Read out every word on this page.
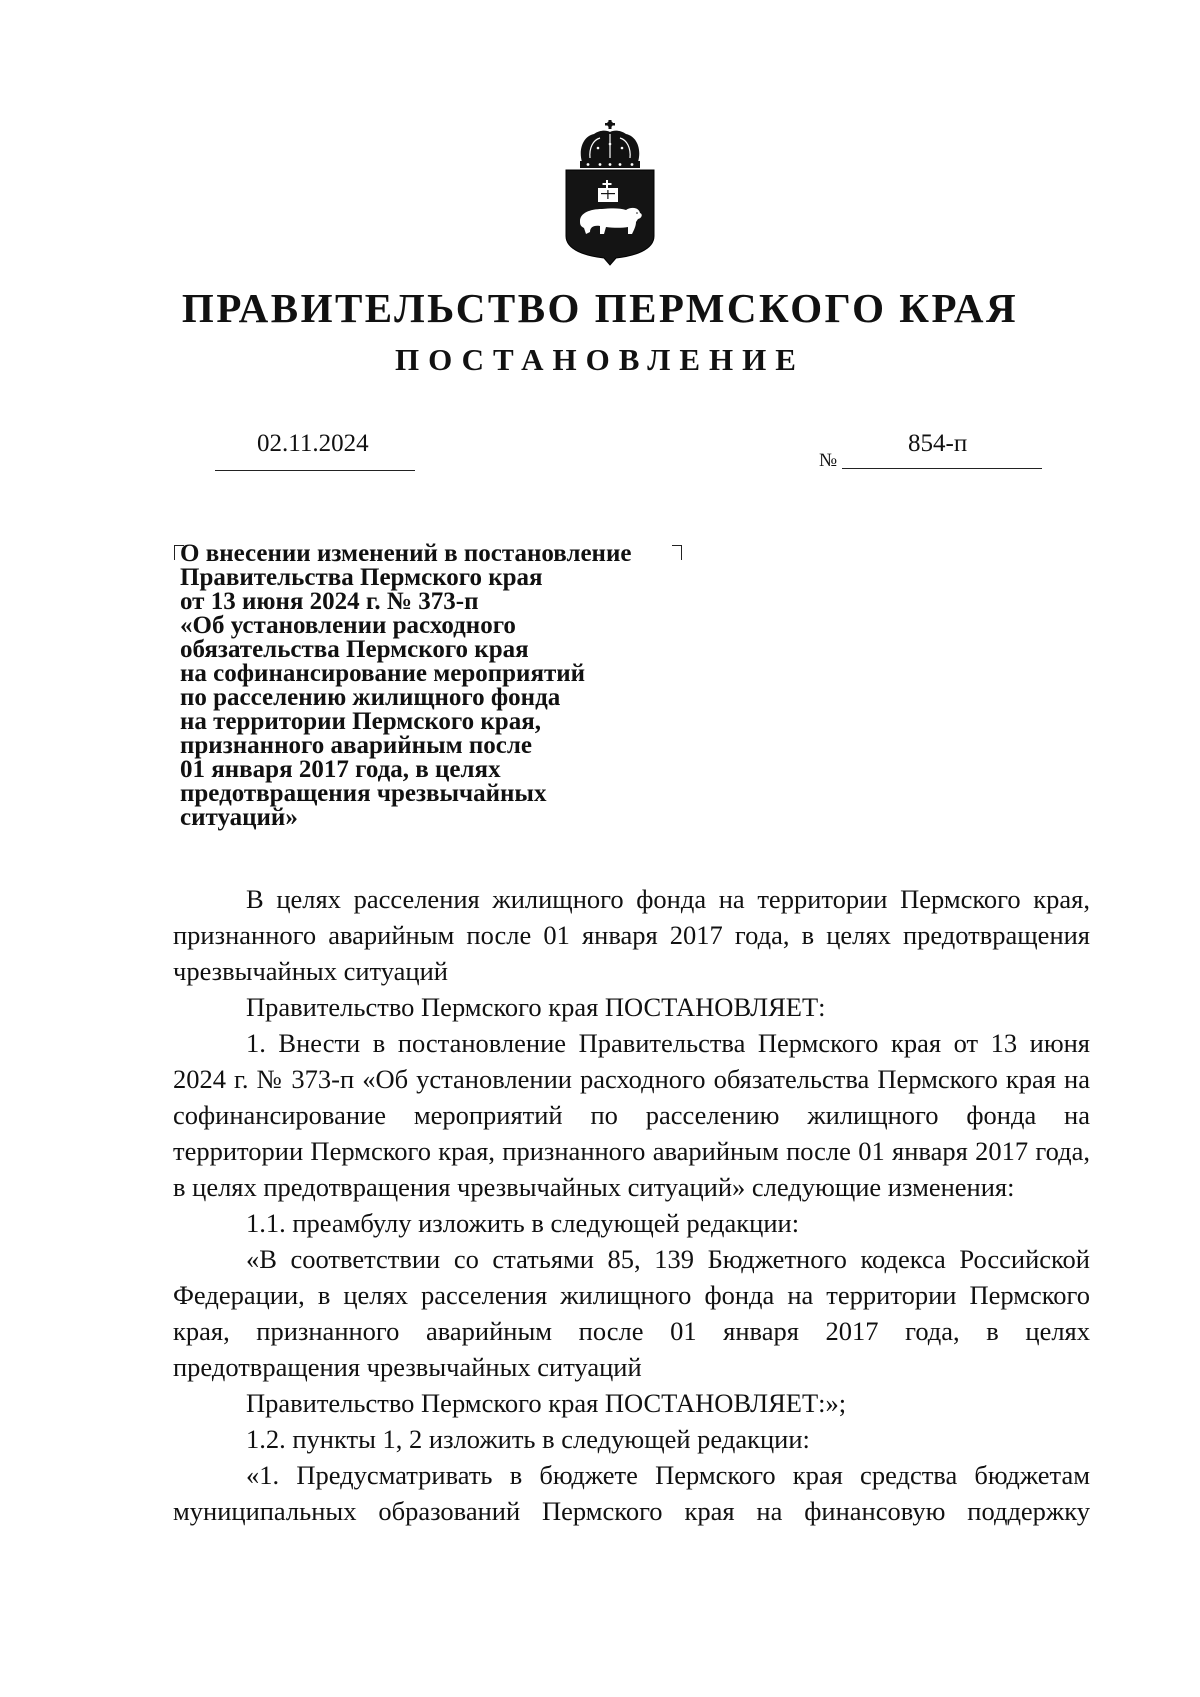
ПРАВИТЕЛЬСТВО ПЕРМСКОГО КРАЯ
ПОСТАНОВЛЕНИЕ
02.11.2024
№
854-п
О внесении изменений в постановление
Правительства Пермского края
от 13 июня 2024 г. № 373-п
«Об установлении расходного
обязательства Пермского края
на софинансирование мероприятий
по расселению жилищного фонда
на территории Пермского края,
признанного аварийным после
01 января 2017 года, в целях
предотвращения чрезвычайных
ситуаций»

В целях расселения жилищного фонда на территории Пермского края, признанного аварийным после 01 января 2017 года, в целях предотвращения чрезвычайных ситуаций

Правительство Пермского края ПОСТАНОВЛЯЕТ:

1. Внести в постановление Правительства Пермского края от 13 июня 2024 г. № 373-п «Об установлении расходного обязательства Пермского края на софинансирование мероприятий по расселению жилищного фонда на территории Пермского края, признанного аварийным после 01 января 2017 года, в целях предотвращения чрезвычайных ситуаций» следующие изменения:

1.1. преамбулу изложить в следующей редакции:

«В соответствии со статьями 85, 139 Бюджетного кодекса Российской Федерации, в целях расселения жилищного фонда на территории Пермского края, признанного аварийным после 01 января 2017 года, в целях предотвращения чрезвычайных ситуаций

Правительство Пермского края ПОСТАНОВЛЯЕТ:»;

1.2. пункты 1, 2 изложить в следующей редакции:

«1. Предусматривать в бюджете Пермского края средства бюджетам муниципальных образований Пермского края на финансовую поддержку
